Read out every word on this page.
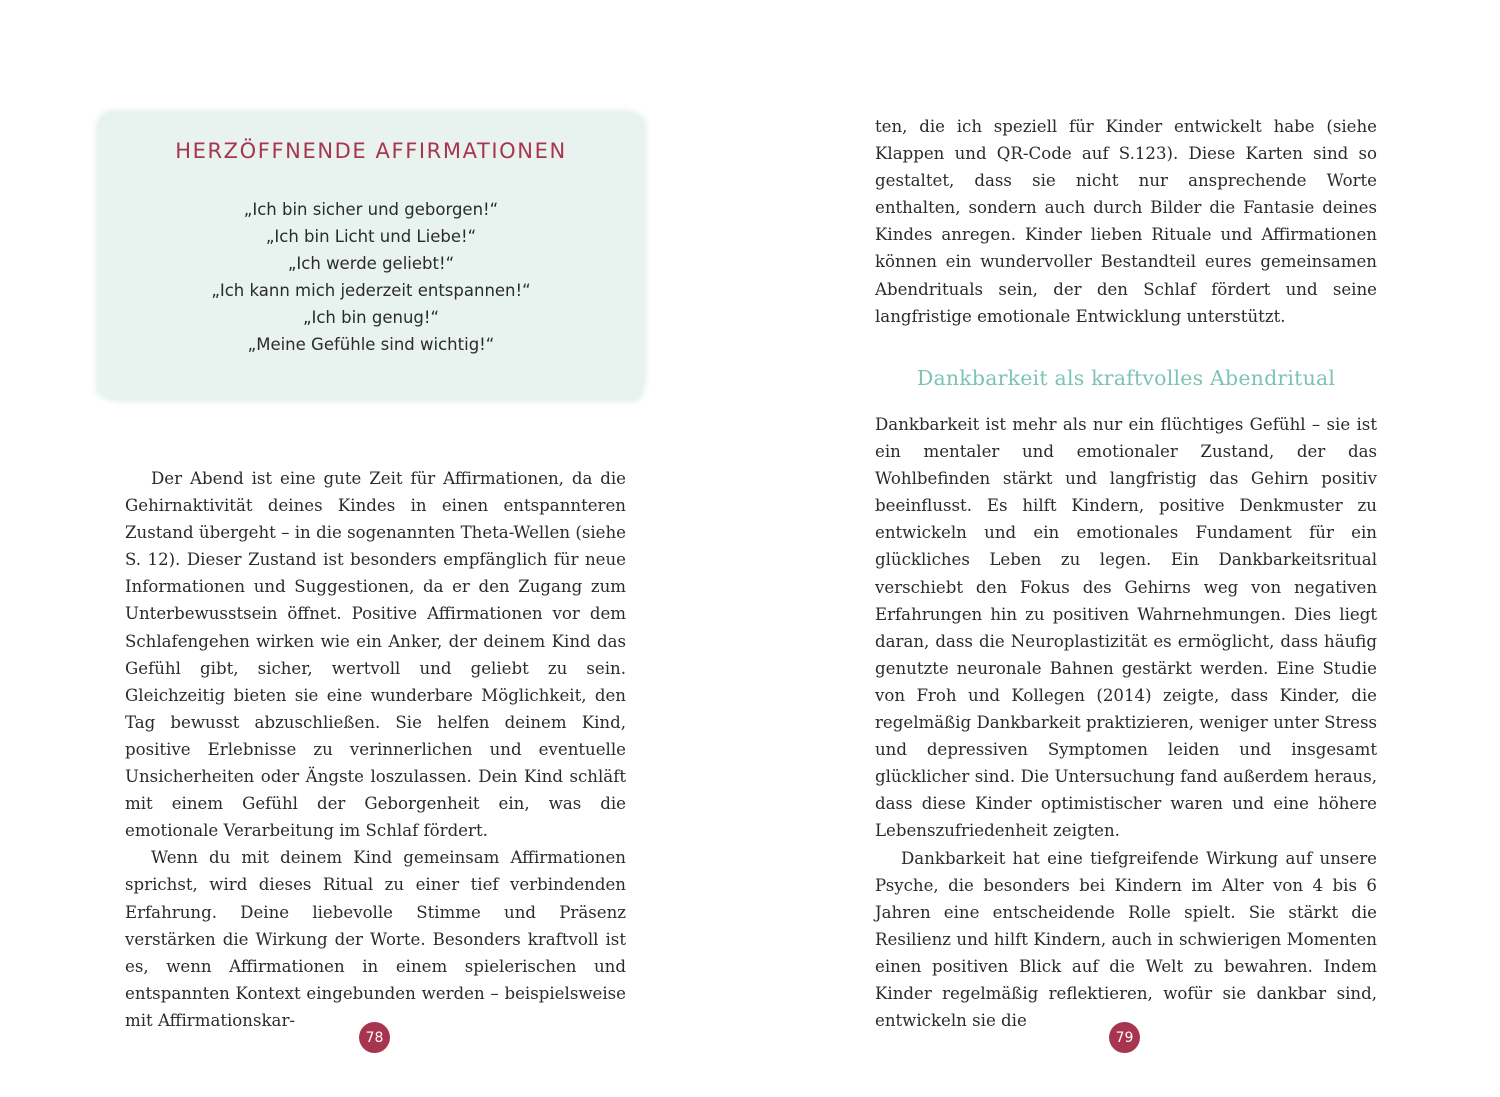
HERZÖFFNENDE AFFIRMATIONEN
„Ich bin sicher und geborgen!“
„Ich bin Licht und Liebe!“
„Ich werde geliebt!“
„Ich kann mich jederzeit entspannen!“
„Ich bin genug!“
„Meine Gefühle sind wichtig!“

Der Abend ist eine gute Zeit für Affirmationen, da die Gehirnaktivität deines Kindes in einen entspannteren Zustand übergeht – in die sogenannten Theta-Wellen (siehe S. 12). Dieser Zustand ist besonders empfänglich für neue Informationen und Suggestionen, da er den Zugang zum Unterbewusstsein öffnet. Positive Affirmationen vor dem Schlafengehen wirken wie ein Anker, der deinem Kind das Gefühl gibt, sicher, wertvoll und geliebt zu sein. Gleichzeitig bieten sie eine wunderbare Möglichkeit, den Tag bewusst abzuschließen. Sie helfen deinem Kind, positive Erlebnisse zu verinnerlichen und eventuelle Unsicherheiten oder Ängste loszulassen. Dein Kind schläft mit einem Gefühl der Geborgenheit ein, was die emotionale Verarbeitung im Schlaf fördert.

Wenn du mit deinem Kind gemeinsam Affirmationen sprichst, wird dieses Ritual zu einer tief verbindenden Erfahrung. Deine liebevolle Stimme und Präsenz verstärken die Wirkung der Worte. Besonders kraftvoll ist es, wenn Affirmationen in einem spielerischen und entspannten Kontext eingebunden werden – beispielsweise mit Affirmationskar-

78

ten, die ich speziell für Kinder entwickelt habe (siehe Klappen und QR-Code auf S.123). Diese Karten sind so gestaltet, dass sie nicht nur ansprechende Worte enthalten, sondern auch durch Bilder die Fantasie deines Kindes anregen. Kinder lieben Rituale und Affirmationen können ein wundervoller Bestandteil eures gemeinsamen Abendrituals sein, der den Schlaf fördert und seine langfristige emotionale Entwicklung unterstützt.

Dankbarkeit als kraftvolles Abendritual

Dankbarkeit ist mehr als nur ein flüchtiges Gefühl – sie ist ein mentaler und emotionaler Zustand, der das Wohlbefinden stärkt und langfristig das Gehirn positiv beeinflusst. Es hilft Kindern, positive Denkmuster zu entwickeln und ein emotionales Fundament für ein glückliches Leben zu legen. Ein Dankbarkeitsritual verschiebt den Fokus des Gehirns weg von negativen Erfahrungen hin zu positiven Wahrnehmungen. Dies liegt daran, dass die Neuroplastizität es ermöglicht, dass häufig genutzte neuronale Bahnen gestärkt werden. Eine Studie von Froh und Kollegen (2014) zeigte, dass Kinder, die regelmäßig Dankbarkeit praktizieren, weniger unter Stress und depressiven Symptomen leiden und insgesamt glücklicher sind. Die Untersuchung fand außerdem heraus, dass diese Kinder optimistischer waren und eine höhere Lebenszufriedenheit zeigten.

Dankbarkeit hat eine tiefgreifende Wirkung auf unsere Psyche, die besonders bei Kindern im Alter von 4 bis 6 Jahren eine entscheidende Rolle spielt. Sie stärkt die Resilienz und hilft Kindern, auch in schwierigen Momenten einen positiven Blick auf die Welt zu bewahren. Indem Kinder regelmäßig reflektieren, wofür sie dankbar sind, entwickeln sie die

79
